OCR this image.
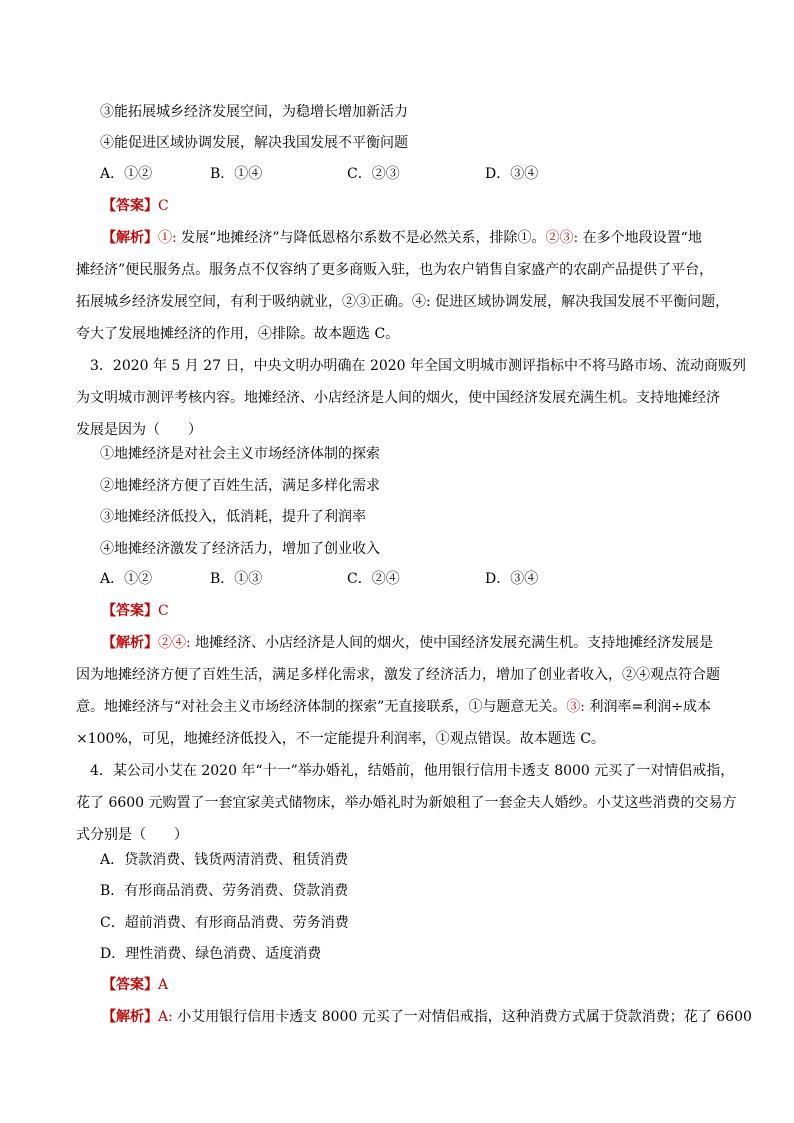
③能拓展城乡经济发展空间，为稳增长增加新活力
④能促进区域协调发展，解决我国发展不平衡问题
A．①②	B．①④	C．②③	D．③④
【答案】C
【解析】①: 发展“地摊经济”与降低恩格尔系数不是必然关系，排除①。②③: 在多个地段设置“地
摊经济”便民服务点。服务点不仅容纳了更多商贩入驻，也为农户销售自家盛产的农副产品提供了平台，
拓展城乡经济发展空间，有利于吸纳就业，②③正确。④: 促进区域协调发展，解决我国发展不平衡问题，
夸大了发展地摊经济的作用，④排除。故本题选 C。
3．2020 年 5 月 27 日，中央文明办明确在 2020 年全国文明城市测评指标中不将马路市场、流动商贩列
为文明城市测评考核内容。地摊经济、小店经济是人间的烟火，使中国经济发展充满生机。支持地摊经济
发展是因为（　　）
①地摊经济是对社会主义市场经济体制的探索
②地摊经济方便了百姓生活，满足多样化需求
③地摊经济低投入，低消耗，提升了利润率
④地摊经济激发了经济活力，增加了创业收入
A．①②	B．①③	C．②④	D．③④
【答案】C
【解析】②④: 地摊经济、小店经济是人间的烟火，使中国经济发展充满生机。支持地摊经济发展是
因为地摊经济方便了百姓生活，满足多样化需求，激发了经济活力，增加了创业者收入，②④观点符合题
意。地摊经济与“对社会主义市场经济体制的探索”无直接联系，①与题意无关。③: 利润率=利润÷成本
×100%，可见，地摊经济低投入，不一定能提升利润率，①观点错误。故本题选 C。
4．某公司小艾在 2020 年“十一”举办婚礼，结婚前，他用银行信用卡透支 8000 元买了一对情侣戒指，
花了 6600 元购置了一套宜家美式储物床，举办婚礼时为新娘租了一套金夫人婚纱。小艾这些消费的交易方
式分别是（　　）
A．贷款消费、钱货两清消费、租赁消费
B．有形商品消费、劳务消费、贷款消费
C．超前消费、有形商品消费、劳务消费
D．理性消费、绿色消费、适度消费
【答案】A
【解析】A: 小艾用银行信用卡透支 8000 元买了一对情侣戒指，这种消费方式属于贷款消费；花了 6600
